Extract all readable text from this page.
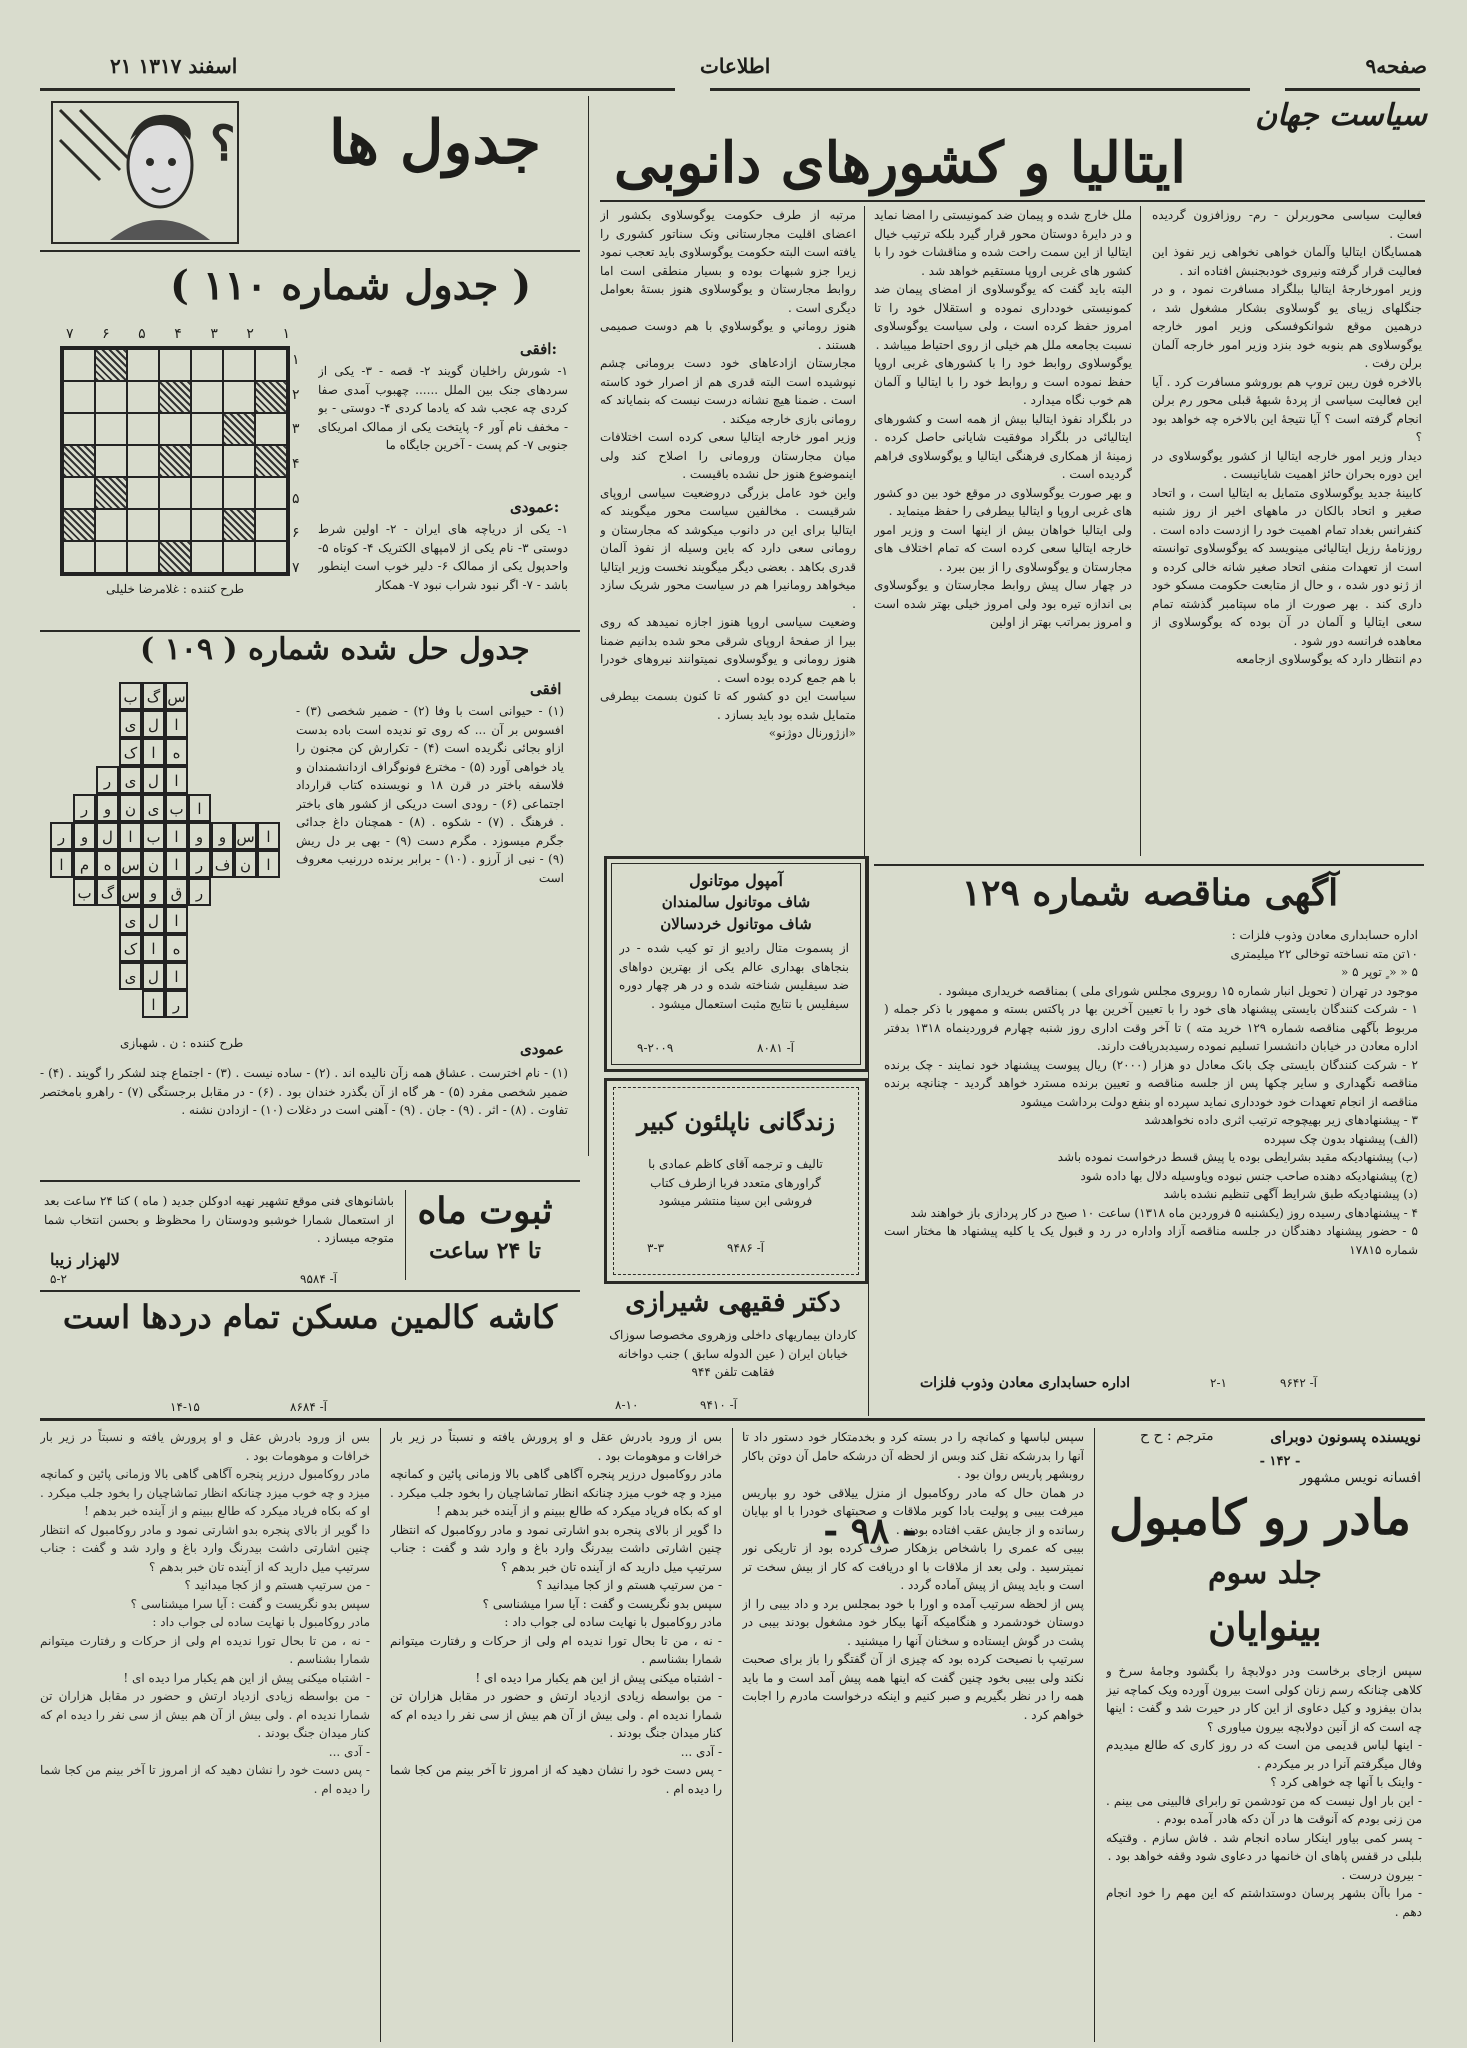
صفحه۹
اطلاعات
۲۱ اسفند ۱۳۱۷
سیاست جهان
ایتالیا و کشورهای دانوبی
فعالیت سیاسی محوربرلن - رم- روزافزون گردیده است .
همسایگان ایتالیا وآلمان خواهی نخواهی زیر نفوذ این فعالیت قرار گرفته ونیروی خودبجنبش افتاده اند .
وزیر امورخارجۀ ایتالیا ببلگراد مسافرت نمود ، و در جنگلهای زیبای یو گوسلاوی بشکار مشغول شد ، درهمین موقع شوانکوفسکی وزیر امور خارجه یوگوسلاوی هم بنوبه خود بنزد وزیر امور خارجه آلمان برلن رفت .
بالاخره فون ریبن تروپ هم بوروشو مسافرت کرد . آیا این فعالیت سیاسی از پردۀ شبهۀ قبلی محور رم برلن انجام گرفته است ؟ آیا نتیجۀ این بالاخره چه خواهد بود ؟
دیدار وزیر امور خارجه ایتالیا از کشور یوگوسلاوی در این دوره بحران حائز اهمیت شایانیست .
کابینۀ جدید یوگوسلاوی متمایل به ایتالیا است ، و اتحاد صغیر و اتحاد بالکان در ماههای اخیر از روز شنبه کنفرانس بغداد تمام اهمیت خود را ازدست داده است .
روزنامۀ رزیل ایتالیائی مینویسد که یوگوسلاوی توانسته است از تعهدات منفی اتحاد صغیر شانه خالی کرده و از ژنو دور شده ، و حال از متابعت حکومت مسکو خود داری کند . بهر صورت از ماه سپتامبر گذشته تمام سعی ایتالیا و آلمان در آن بوده که یوگوسلاوی از معاهده فرانسه دور شود .
دم انتظار دارد که یوگوسلاوی ازجامعه
ملل خارج شده و پیمان ضد کمونیستی را امضا نماید و در دایرۀ دوستان محور قرار گیرد بلکه ترتیب خیال ایتالیا از این سمت راحت شده و مناقشات خود را با کشور های غربی اروپا مستقیم خواهد شد .
البته باید گفت که یوگوسلاوی از امضای پیمان ضد کمونیستی خودداری نموده و استقلال خود را تا امروز حفظ کرده است ، ولی سیاست یوگوسلاوی نسبت بجامعه ملل هم خیلی از روی احتیاط میباشد .
یوگوسلاوی روابط خود را با کشورهای غربی اروپا حفظ نموده است و روابط خود را با ایتالیا و آلمان هم خوب نگاه میدارد .
در بلگراد نفوذ ایتالیا بیش از همه است و کشورهای ایتالیائی در بلگراد موفقیت شایانی حاصل کرده . زمینۀ از همکاری فرهنگی ایتالیا و یوگوسلاوی فراهم گردیده است .
و بهر صورت یوگوسلاوی در موقع خود بین دو کشور های غربی اروپا و ایتالیا بیطرفی را حفظ مینماید .
ولی ایتالیا خواهان بیش از اینها است و وزیر امور خارجه ایتالیا سعی کرده است که تمام اختلاف های مجارستان و یوگوسلاوی را از بین ببرد .
در چهار سال پیش روابط مجارستان و یوگوسلاوی بی اندازه تیره بود ولی امروز خیلی بهتر شده است و امروز بمراتب بهتر از اولین
مرتبه از طرف حکومت یوگوسلاوی بکشور از اعضای اقلیت مجارستانی ونک سناتور کشوری را یافته است البته حکومت یوگوسلاوی باید تعجب نمود زیرا جزو شبهات بوده و بسیار منطقی است اما روابط مجارستان و یوگوسلاوی هنوز بستۀ بعوامل دیگری است .
هنوز روماني و يوگوسلاوي با هم دوست صمیمی هستند .
مجارستان ازادعاهای خود دست برومانی چشم نپوشیده است البته قدری هم از اصرار خود کاسته است . ضمنا هیچ نشانه درست نیست که بنمایاند که رومانی بازی خارجه میکند .
وزیر امور خارجه ایتالیا سعی کرده است اختلافات میان مجارستان ورومانی را اصلاح کند ولی اینموضوع هنوز حل نشده باقیست .
واین خود عامل بزرگی دروضعیت سیاسی اروپای شرقیست . مخالفین سیاست محور میگویند که ایتالیا برای این در دانوب میکوشد که مجارستان و رومانی سعی دارد که باین وسیله از نفوذ آلمان قدری بکاهد . بعضی دیگر میگویند نخست وزیر ایتالیا میخواهد رومانیرا هم در سیاست محور شریک سازد .
وضعیت سیاسی اروپا هنوز اجازه نمیدهد که روی بیرا از صفحۀ اروپای شرقی محو شده بدانیم ضمنا هنوز رومانی و یوگوسلاوی نمیتوانند نیروهای خودرا با هم جمع کرده بوده است .
سیاست این دو کشور که تا کنون بسمت بیطرفی متمایل شده بود باید بسازد .
«ازژورنال دوژنو»
؟	جدول ها
( جدول شماره ۱۱۰ )
۱
۲
۳
۴
۵
۶
۷
۱
۲
۳
۴
۵
۶
۷
طرح کننده : غلامرضا خلیلی
افقی:
۱- شورش راخلیان گویند ۲- قصه - ۳- یکی از سردهای جنک بین الملل ...... چهبوب آمدی صفا کردی چه عجب شد که یادما کردی ۴- دوستی - بو - مخفف نام آور ۶- پایتخت یکی از ممالک امریکای جنوبی ۷- کم پست - آخرین جایگاه ما
عمودی:
۱- یکی از دریاچه های ایران - ۲- اولین شرط دوستی ۳- نام یکی از لامپهای الکتریک ۴- کوتاه ۵- واحدپول یکی از ممالک ۶- دلیر خوب است اینطور باشد - ۷- اگر نبود شراب نبود ۷- همکار
جدول حل شده شماره ( ۱۰۹ )
س
گ
ب
ا
ل
ی
ه
ا
ک
ا
ل
ی
ر
ا
ب
ی
ن
و
ر
ا
س
و
و
ا
ب
ا
ل
و
ر
ا
ن
ف
ر
ا
ن
س
ه
م
ا
ر
ق
و
س
گ
ب
ا
ل
ی
ه
ا
ک
ا
ل
ی
ر
ا
طرح کننده : ن . شهبازی
افقی
(۱) - حیوانی است با وفا (۲) - ضمیر شخصی (۳) - افسوس بر آن ... که روی تو ندیده است باده بدست ازاو بجائی نگریده است (۴) - تکرارش کن مجنون را یاد خواهی آورد (۵) - مخترع فونوگراف ازدانشمندان و فلاسفه باختر در قرن ۱۸ و نویسنده کتاب قرارداد اجتماعی (۶) - رودی است دریکی از کشور های باختر . فرهنگ . (۷) - شکوه . (۸) - همچنان داغ جدائی جگرم میسوزد . مگرم دست (۹) - بهی بر دل ریش (۹) - نبی از آرزو . (۱۰) - برابر برنده دررنیب معروف است
عمودی
(۱) - نام اخترست . عشاق همه زآن نالیده اند . (۲) - ساده نیست . (۳) - اجتماع چند لشکر را گویند . (۴) - ضمیر شخصی مفرد (۵) - هر گاه از آن بگذرد خندان بود . (۶) - در مقابل برجستگی (۷) - راهرو بامختصر تفاوت . (۸) - اثر . (۹) - جان . (۹) - آهنی است در دغلات (۱۰) - ازدادن نشنه .
ثبوت ماه
تا ۲۴ ساعت
باشانوهای فنی موقع تشهیر نهیه ادوکلن جدید ( ماه ) کتا ۲۴ ساعت بعد از استعمال شمارا خوشبو ودوستان را محظوظ و بحسن انتخاب شما متوجه میسازد .
لالهزار زیبا
آ- ۹۵۸۴
۵-۲
کاشه کالمین مسکن تمام دردها است
آ- ۸۶۸۴
۱۴-۱۵
آمپول موتانول
شاف موتانول سالمندان
شاف موتانول خردسالان
از پسموت متال رادیو از تو کیب شده - در بنجاهای بهداری عالم یکی از بهترین دواهای ضد سیفلیس شناخته شده و در هر چهار دوره سیفلیس با نتایج مثبت استعمال میشود .
آ- ۸۰۸۱
۹-۲۰۰۹
زندگانی ناپلئون کبیر
تالیف و ترجمه آقای کاظم عمادی با گراورهای متعدد فربا ازطرف کتاب فروشی ابن سینا منتشر میشود
آ- ۹۴۸۶
۳-۳
دکتر فقیهی شیرازی
کاردان بیماریهای داخلی وزهروی مخصوصا سوزاک خیابان ایران ( عین الدوله سابق ) جنب دواخانه فقاهت تلفن ۹۴۴
آ- ۹۴۱۰
۸-۱۰
آگهی مناقصه شماره ۱۲۹
اداره حسابداری معادن وذوب فلزات :
۱۰تن مته نساخته توخالی ۲۲ میلیمتری
۵ « « ٍ توپر ۵ «
موجود در تهران ( تحویل انبار شماره ۱۵ روبروی مجلس شورای ملی ) بمناقصه خریداری میشود .
۱ - شرکت کنندگان بایستی پیشنهاد های خود را با تعیین آخرین بها در پاکتس بسته و ممهور با ذکر جمله ( مربوط بآگهی مناقصه شماره ۱۲۹ خرید مته ) تا آخر وقت اداری روز شنبه چهارم فروردینماه ۱۳۱۸ بدفتر اداره معادن در خیابان دانشسرا تسلیم نموده رسیدبدریافت دارند.
۲ - شرکت کنندگان بایستی چک بانک معادل دو هزار (۲۰۰۰) ریال پیوست پیشنهاد خود نمایند - چک برنده مناقصه نگهداری و سایر چکها پس از جلسه مناقصه و تعیین برنده مسترد خواهد گردید - چنانچه برنده مناقصه از انجام تعهدات خود خودداری نماید سپرده او بنفع دولت برداشت میشود
۳ - پیشنهادهای زیر بهیچوجه ترتیب اثری داده نخواهدشد
(الف) پیشنهاد بدون چک سپرده
(ب) پیشنهادیکه مقید بشرایطی بوده یا پیش قسط درخواست نموده باشد
(ج) پیشنهادیکه دهنده صاحب جنس نبوده ویاوسیله دلال بها داده شود
(د) پیشنهادیکه طبق شرایط آگهی تنظیم نشده باشد
۴ - پیشنهادهای رسیده روز (یکشنبه ۵ فروردین ماه ۱۳۱۸) ساعت ۱۰ صبح در کار پردازی باز خواهند شد
۵ - حضور پیشنهاد دهندگان در جلسه مناقصه آزاد واداره در رد و قبول یک یا کلیه پیشنهاد ها مختار است شماره ۱۷۸۱۵
اداره حسابداری معادن وذوب فلزات	آ- ۹۶۴۲
۲-۱
نویسنده پسونون دوبرای
مترجم : ح ح
- ۱۴۲ -
افسانه نویس مشهور
مادر رو کامبول
جلد سوم
بینوایان
سپس ازجای برخاست ودر دولابچۀ را بگشود وجامۀ سرخ و کلاهی چنانکه رسم زنان کولی است بیرون آورده ویک کماچه نیز بدان بیفزود و کیل دعاوی از این کار در حیرت شد و گفت : اینها چه است که از آنین دولابچه بیرون میاوری ؟
- اینها لباس قدیمی من است که در روز کاری که طالع میدیدم وفال میگرفتم آنرا در بر میکردم .
- واینک با آنها چه خواهی کرد ؟
- این بار اول نیست که من تودشمن تو رابرای فالبینی می بینم . من زنی بودم که آنوقت ها در آن دکه هادر آمده بودم .
- پسر کمی بیاور اینکار ساده انجام شد . فاش سازم . وقتیکه بلبلی در قفس پاهای ان خانمها در دعاوی شود وقفه خواهد بود .
- بیرون درست .
- مرا باآن بشهر پرسان دوستداشتم که این مهم را خود انجام دهم .
- ۹۸ -
سپس لباسها و کمانچه را در بسته کرد و بخدمتکار خود دستور داد تا آنها را بدرشکه نقل کند وبس از لحظه آن درشکه حامل آن دوتن باکار روبشهر پاریس روان بود .
در همان حال که مادر روکامبول از منزل ییلاقی خود رو بپاریس میرفت بیبی و پولیت بادا کوبر ملاقات و صحبتهای خودرا با او بپایان رسانده و از جایش عقب افتاده بودند .
بیبی که عمری را باشخاص بزهکار صرف کرده بود از تاریکی نور نمیترسید . ولی بعد از ملاقات با او دریافت که کار از بیش سخت تر است و باید پیش از پیش آماده گردد .
پس از لحظه سرتیب آمده و اورا با خود بمجلس برد و داد بیبی را از دوستان خودشمرد و هنگامیکه آنها بیکار خود مشغول بودند بیبی در پشت در گوش ایستاده و سخنان آنها را میشنید .
سرتیپ با نصیحت کرده بود که چیزی از آن گفتگو را باز برای صحبت نکند ولی بیبی بخود چنین گفت که اینها همه پیش آمد است و ما باید همه را در نظر بگیریم و صبر کنیم و اینکه درخواست مادرم را اجابت خواهم کرد .
بس از ورود بادرش عقل و او پرورش یافته و نسبتاً در زیر بار خرافات و موهومات بود .
مادر روکامبول درزیر پنجره آگاهی گاهی بالا وزمانی پائین و کمانچه میزد و چه خوب میزد چنانکه انظار تماشاچیان را بخود جلب میکرد . او که بکاه فریاد میکرد که طالع ببینم و از آینده خبر بدهم !
دا گویر از بالای پنجره بدو اشارتی نمود و مادر روکامبول که انتظار چنین اشارتی داشت بیدرنگ وارد باغ و وارد شد و گفت : جناب سرتیپ میل دارید که از آینده تان خبر بدهم ؟
- من سرتیپ هستم و از کجا میدانید ؟
سپس بدو نگریست و گفت : آیا سرا میشناسی ؟
مادر روکامبول با نهایت ساده لی جواب داد :
- نه ، من تا بحال تورا ندیده ام ولی از حرکات و رفتارت میتوانم شمارا بشناسم .
- اشتباه میکنی پیش از این هم یکبار مرا دیده ای !
- من بواسطه زیادی ازدیاد ارتش و حضور در مقابل هزاران تن شمارا ندیده ام . ولی بیش از آن هم بیش از سی نفر را دیده ام که کنار میدان جنگ بودند .
- آدی ...
- پس دست خود را نشان دهید که از امروز تا آخر بینم من کجا شما را دیده ام .
بس از ورود بادرش عقل و او پرورش یافته و نسبتاً در زیر بار خرافات و موهومات بود .
مادر روکامبول درزیر پنجره آگاهی گاهی بالا وزمانی پائین و کمانچه میزد و چه خوب میزد چنانکه انظار تماشاچیان را بخود جلب میکرد . او که بکاه فریاد میکرد که طالع ببینم و از آینده خبر بدهم !
دا گویر از بالای پنجره بدو اشارتی نمود و مادر روکامبول که انتظار چنین اشارتی داشت بیدرنگ وارد باغ و وارد شد و گفت : جناب سرتیپ میل دارید که از آینده تان خبر بدهم ؟
- من سرتیپ هستم و از کجا میدانید ؟
سپس بدو نگریست و گفت : آیا سرا میشناسی ؟
مادر روکامبول با نهایت ساده لی جواب داد :
- نه ، من تا بحال تورا ندیده ام ولی از حرکات و رفتارت میتوانم شمارا بشناسم .
- اشتباه میکنی پیش از این هم یکبار مرا دیده ای !
- من بواسطه زیادی ازدیاد ارتش و حضور در مقابل هزاران تن شمارا ندیده ام . ولی بیش از آن هم بیش از سی نفر را دیده ام که کنار میدان جنگ بودند .
- آدی ...
- پس دست خود را نشان دهید که از امروز تا آخر بینم من کجا شما را دیده ام .
